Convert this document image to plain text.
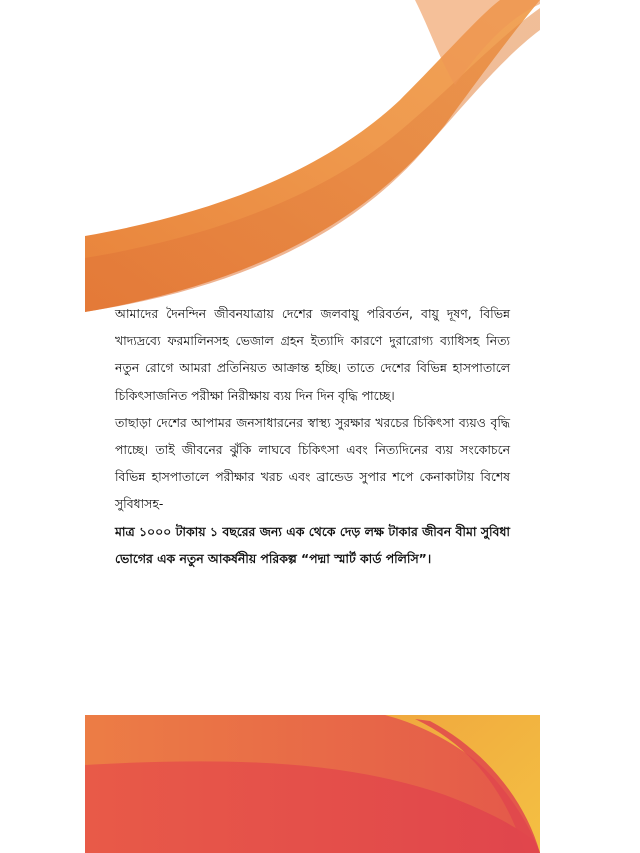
আমাদের দৈনন্দিন জীবনযাত্রায় দেশের জলবায়ু পরিবর্তন, বায়ু দূষণ, বিভিন্ন খাদ্যদ্রব্যে ফরমালিনসহ ভেজাল গ্রহন ইত্যাদি কারণে দুরারোগ্য ব্যাধিসহ নিত্য নতুন রোগে আমরা প্রতিনিয়ত আক্রান্ত হচ্ছি। তাতে দেশের বিভিন্ন হাসপাতালে চিকিৎসাজনিত পরীক্ষা নিরীক্ষায় ব্যয় দিন দিন বৃদ্ধি পাচ্ছে।

তাছাড়া দেশের আপামর জনসাধারনের স্বাস্থ্য সুরক্ষার খরচের চিকিৎসা ব্যয়ও বৃদ্ধি পাচ্ছে। তাই জীবনের ঝুঁকি লাঘবে চিকিৎসা এবং নিত্যদিনের ব্যয় সংকোচনে বিভিন্ন হাসপাতালে পরীক্ষার খরচ এবং ব্রান্ডেড সুপার শপে কেনাকাটায় বিশেষ সুবিধাসহ-

মাত্র ১০০০ টাকায় ১ বছরের জন্য এক থেকে দেড় লক্ষ টাকার জীবন বীমা সুবিধা ভোগের এক নতুন আকর্ষনীয় পরিকল্প “পদ্মা স্মার্ট কার্ড পলিসি”।
